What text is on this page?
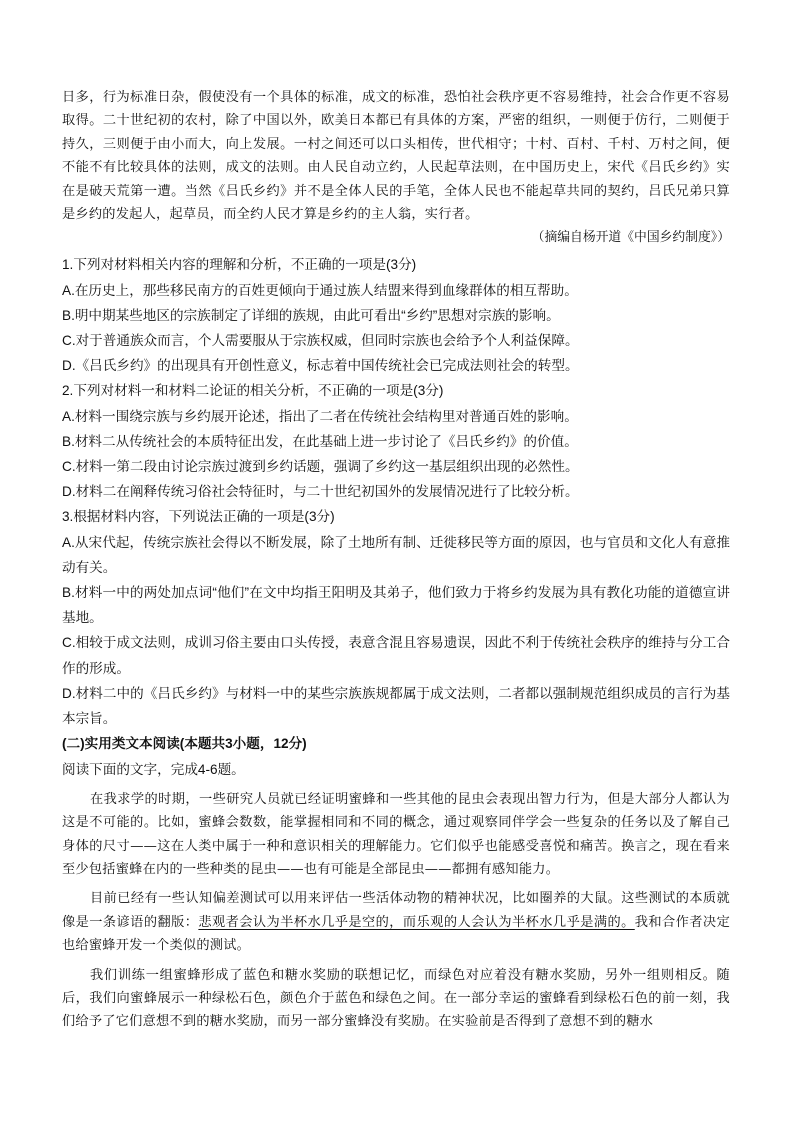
日多，行为标准日杂，假使没有一个具体的标准，成文的标准，恐怕社会秩序更不容易维持，社会合作更不容易取得。二十世纪初的农村，除了中国以外，欧美日本都已有具体的方案，严密的组织，一则便于仿行，二则便于持久，三则便于由小而大，向上发展。一村之间还可以口头相传，世代相守；十村、百村、千村、万村之间，便不能不有比较具体的法则，成文的法则。由人民自动立约，人民起草法则，在中国历史上，宋代《吕氏乡约》实在是破天荒第一遭。当然《吕氏乡约》并不是全体人民的手笔，全体人民也不能起草共同的契约，吕氏兄弟只算是乡约的发起人，起草员，而全约人民才算是乡约的主人翁，实行者。

（摘编自杨开道《中国乡约制度》）

1.下列对材料相关内容的理解和分析，不正确的一项是(3分)

A.在历史上，那些移民南方的百姓更倾向于通过族人结盟来得到血缘群体的相互帮助。

B.明中期某些地区的宗族制定了详细的族规，由此可看出“乡约”思想对宗族的影响。

C.对于普通族众而言，个人需要服从于宗族权威，但同时宗族也会给予个人利益保障。

D.《吕氏乡约》的出现具有开创性意义，标志着中国传统社会已完成法则社会的转型。

2.下列对材料一和材料二论证的相关分析，不正确的一项是(3分)

A.材料一围绕宗族与乡约展开论述，指出了二者在传统社会结构里对普通百姓的影响。

B.材料二从传统社会的本质特征出发，在此基础上进一步讨论了《吕氏乡约》的价值。

C.材料一第二段由讨论宗族过渡到乡约话题，强调了乡约这一基层组织出现的必然性。

D.材料二在阐释传统习俗社会特征时，与二十世纪初国外的发展情况进行了比较分析。

3.根据材料内容，下列说法正确的一项是(3分)

A.从宋代起，传统宗族社会得以不断发展，除了土地所有制、迁徙移民等方面的原因，也与官员和文化人有意推动有关。

B.材料一中的两处加点词“他们”在文中均指王阳明及其弟子，他们致力于将乡约发展为具有教化功能的道德宣讲基地。

C.相较于成文法则，成训习俗主要由口头传授，表意含混且容易遗误，因此不利于传统社会秩序的维持与分工合作的形成。

D.材料二中的《吕氏乡约》与材料一中的某些宗族族规都属于成文法则，二者都以强制规范组织成员的言行为基本宗旨。

(二)实用类文本阅读(本题共3小题，12分)

阅读下面的文字，完成4-6题。

在我求学的时期，一些研究人员就已经证明蜜蜂和一些其他的昆虫会表现出智力行为，但是大部分人都认为这是不可能的。比如，蜜蜂会数数，能掌握相同和不同的概念，通过观察同伴学会一些复杂的任务以及了解自己身体的尺寸——这在人类中属于一种和意识相关的理解能力。它们似乎也能感受喜悦和痛苦。换言之，现在看来至少包括蜜蜂在内的一些种类的昆虫——也有可能是全部昆虫——都拥有感知能力。

目前已经有一些认知偏差测试可以用来评估一些活体动物的精神状况，比如圈养的大鼠。这些测试的本质就像是一条谚语的翻版：悲观者会认为半杯水几乎是空的，而乐观的人会认为半杯水几乎是满的。我和合作者决定也给蜜蜂开发一个类似的测试。

我们训练一组蜜蜂形成了蓝色和糖水奖励的联想记忆，而绿色对应着没有糖水奖励，另外一组则相反。随后，我们向蜜蜂展示一种绿松石色，颜色介于蓝色和绿色之间。在一部分幸运的蜜蜂看到绿松石色的前一刻，我们给予了它们意想不到的糖水奖励，而另一部分蜜蜂没有奖励。在实验前是否得到了意想不到的糖水
